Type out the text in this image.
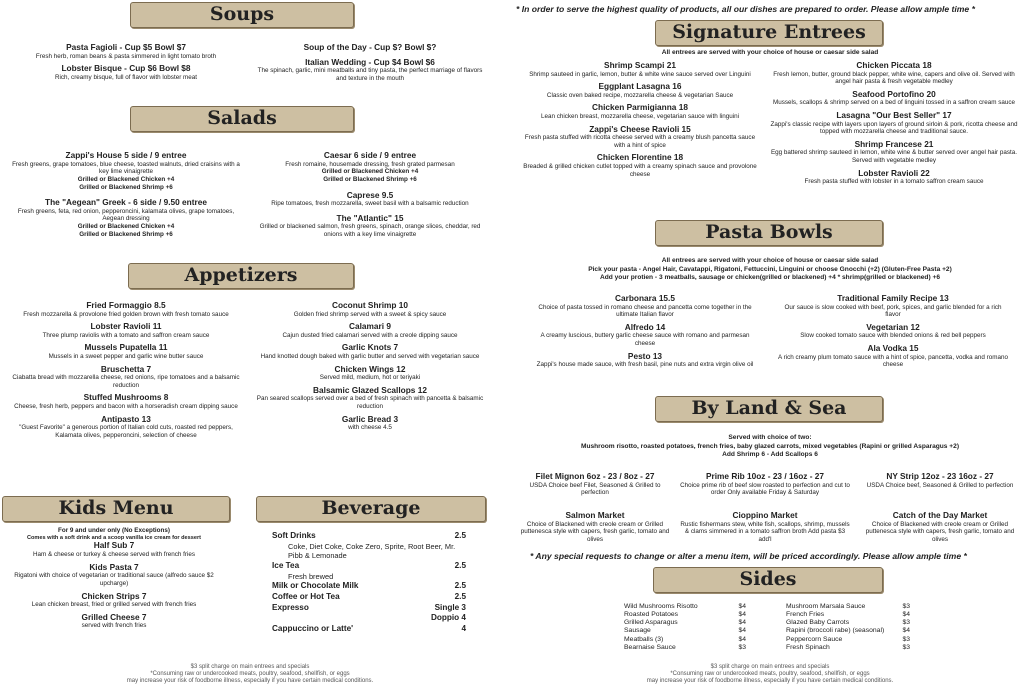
Soups
Pasta Fagioli - Cup $5 Bowl $7
Fresh herb, roman beans & pasta simmered in light tomato broth
Lobster Bisque - Cup $6 Bowl $8
Rich, creamy bisque, full of flavor with lobster meat
Soup of the Day - Cup $? Bowl $?
Italian Wedding - Cup $4 Bowl $6
The spinach, garlic, mini meatballs and tiny pasta, the perfect marriage of flavors and texture in the mouth
Salads
Zappi's House 5 side / 9 entree
Fresh greens, grape tomatoes, blue cheese, toasted walnuts, dried craisins with a key lime vinaigrette
Grilled or Blackened Chicken +4
Grilled or Blackened Shrimp +6
The "Aegean" Greek - 6 side / 9.50 entree
Fresh greens, feta, red onion, pepperoncini, kalamata olives, grape tomatoes, Aegean dressing
Grilled or Blackened Chicken +4
Grilled or Blackened Shrimp +6
Caesar 6 side / 9 entree
Fresh romaine, housemade dressing, fresh grated parmesan
Grilled or Blackened Chicken +4
Grilled or Blackened Shrimp +6
Caprese 9.5
Ripe tomatoes, fresh mozzarella, sweet basil with a balsamic reduction
The "Atlantic" 15
Grilled or blackened salmon, fresh greens, spinach, orange slices, cheddar, red onions with a key lime vinaigrette
Appetizers
Fried Formaggio 8.5
Fresh mozzarella & provolone fried golden brown with fresh tomato sauce
Lobster Ravioli 11
Three plump raviolis with a tomato and saffron cream sauce
Mussels Pupatella 11
Mussels in a sweet pepper and garlic wine butter sauce
Bruschetta 7
Ciabatta bread with mozzarella cheese, red onions, ripe tomatoes and a balsamic reduction
Stuffed Mushrooms 8
Cheese, fresh herb, peppers and bacon with a horseradish cream dipping sauce
Antipasto 13
"Guest Favorite" a generous portion of Italian cold cuts, roasted red peppers, Kalamata olives, pepperoncini, selection of cheese
Coconut Shrimp 10
Golden fried shrimp served with a sweet & spicy sauce
Calamari 9
Cajun dusted fried calamari served with a creole dipping sauce
Garlic Knots 7
Hand knotted dough baked with garlic butter and served with vegetarian sauce
Chicken Wings 12
Served mild, medium, hot or teriyaki
Balsamic Glazed Scallops 12
Pan seared scallops served over a bed of fresh spinach with pancetta & balsamic reduction
Garlic Bread 3
with cheese 4.5
Kids Menu
For 9 and under only (No Exceptions)
Comes with a soft drink and a scoop vanilla ice cream for dessert
Half Sub 7
Ham & cheese or turkey & cheese served with french fries
Kids Pasta 7
Rigatoni with choice of vegetarian or traditional sauce (alfredo sauce $2 upcharge)
Chicken Strips 7
Lean chicken breast, fried or grilled served with french fries
Grilled Cheese 7
served with french fries
Beverage
Soft Drinks	2.5
Coke, Diet Coke, Coke Zero, Sprite, Root Beer, Mr. Pibb & Lemonade
Ice Tea	2.5
Fresh brewed
Milk or Chocolate Milk	2.5
Coffee or Hot Tea	2.5
Expresso	Single 3
Doppio 4
Cappuccino or Latte'	4
$3 split charge on main entrees and specials
*Consuming raw or undercooked meats, poultry, seafood, shellfish, or eggs
may increase your risk of foodborne illness, especially if you have certain medical conditions.
* In order to serve the highest quality of products, all our dishes are prepared to order. Please allow ample time *
Signature Entrees
All entrees are served with your choice of house or caesar side salad
Shrimp Scampi 21
Shrimp sauteed in garlic, lemon, butter & white wine sauce served over Linguini
Eggplant Lasagna 16
Classic oven baked recipe, mozzarella cheese & vegetarian Sauce
Chicken Parmigianna 18
Lean chicken breast, mozzarella cheese, vegetarian sauce with linguini
Zappi's Cheese Ravioli 15
Fresh pasta stuffed with ricotta cheese served with a creamy blush pancetta sauce with a hint of spice
Chicken Florentine 18
Breaded & grilled chicken cutlet topped with a creamy spinach sauce and provolone cheese
Chicken Piccata 18
Fresh lemon, butter, ground black pepper, white wine, capers and olive oil. Served with angel hair pasta & fresh vegetable medley
Seafood Portofino 20
Mussels, scallops & shrimp served on a bed of linguini tossed in a saffron cream sauce
Lasagna "Our Best Seller" 17
Zappi's classic recipe with layers upon layers of ground sirloin & pork, ricotta cheese and topped with mozzarella cheese and traditional sauce.
Shrimp Francese 21
Egg battered shrimp sauteed in lemon, white wine & butter served over angel hair pasta. Served with vegetable medley
Lobster Ravioli 22
Fresh pasta stuffed with lobster in a tomato saffron cream sauce
Pasta Bowls
All entrees are served with your choice of house or caesar side salad
Pick your pasta - Angel Hair, Cavatappi, Rigatoni, Fettuccini, Linguini or choose Gnocchi (+2) (Gluten-Free Pasta +2)
Add your protien - 3 meatballs, sausage or chicken(grilled or blackened) +4 * shrimp(grilled or blackened) +6
Carbonara 15.5
Choice of pasta tossed in romano cheese and pancetta come together in the ultimate Italian flavor
Alfredo 14
A creamy luscious, buttery garlic cheese sauce with romano and parmesan cheese
Pesto 13
Zappi's house made sauce, with fresh basil, pine nuts and extra virgin olive oil
Traditional Family Recipe 13
Our sauce is slow cooked with beef, pork, spices, and garlic blended for a rich flavor
Vegetarian 12
Slow cooked tomato sauce with blended onions & red bell peppers
Ala Vodka 15
A rich creamy plum tomato sauce with a hint of spice, pancetta, vodka and romano cheese
By Land & Sea
Served with choice of two:
Mushroom risotto, roasted potatoes, french fries, baby glazed carrots, mixed vegetables (Rapini or grilled Asparagus +2)
Add Shrimp 6 - Add Scallops 6
Filet Mignon 6oz - 23 / 8oz - 27
USDA Choice beef Filet, Seasoned & Grilled to perfection
Prime Rib 10oz - 23 / 16oz - 27
Choice prime rib of beef slow roasted to perfection and cut to order Only available Friday & Saturday
NY Strip 12oz - 23 16oz - 27
USDA Choice beef, Seasoned & Grilled to perfection
Salmon Market
Choice of Blackened with creole cream or Grilled puttenesca style with capers, fresh garlic, tomato and olives
Cioppino Market
Rustic fishermans stew, white fish, scallops, shrimp, mussels & clams simmered in a tomato saffron broth Add pasta $3 add'l
Catch of the Day Market
Choice of Blackened with creole cream or Grilled puttenesca style with capers, fresh garlic, tomato and olives
* Any special requests to change or alter a menu item, will be priced accordingly. Please allow ample time *
Sides
Wild Mushrooms Risotto	$4
Roasted Potatoes	$4
Grilled Asparagus	$4
Sausage	$4
Meatballs (3)	$4
Bearnaise Sauce	$3
Mushroom Marsala Sauce	$3
French Fries	$4
Glazed Baby Carrots	$3
Rapini (broccoli rabe) (seasonal)	$4
Peppercorn Sauce	$3
Fresh Spinach	$3
$3 split charge on main entrees and specials
*Consuming raw or undercooked meats, poultry, seafood, shellfish, or eggs
may increase your risk of foodborne illness, especially if you have certain medical conditions.
